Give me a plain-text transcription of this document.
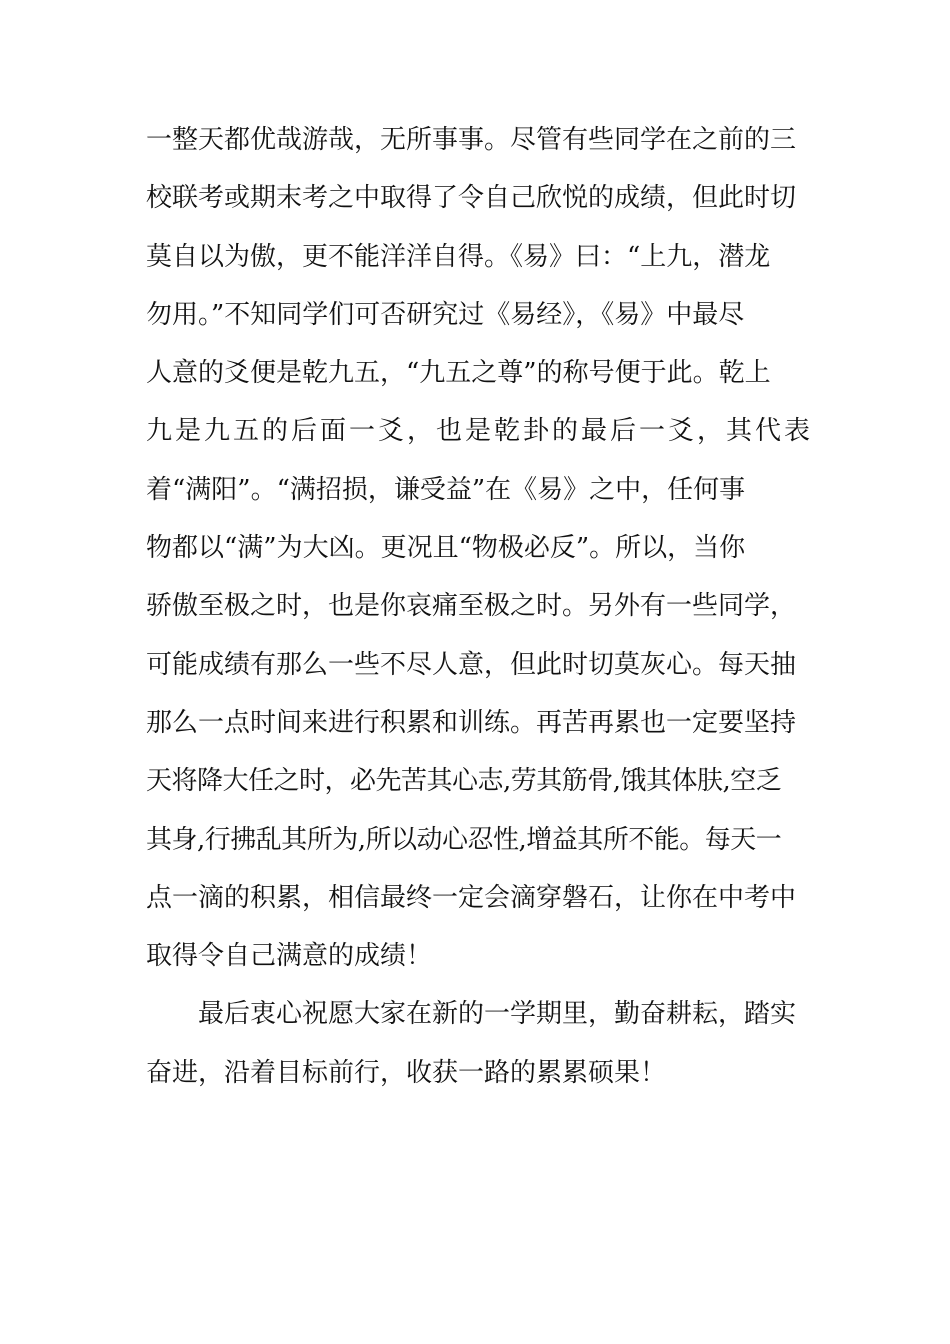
一整天都优哉游哉，无所事事。尽管有些同学在之前的三
校联考或期末考之中取得了令自己欣悦的成绩，但此时切
莫自以为傲，更不能洋洋自得。《易》曰：“上九，潜龙
勿用。”不知同学们可否研究过《易经》，《易》中最尽
人意的爻便是乾九五，“九五之尊”的称号便于此。乾上
九是九五的后面一爻，也是乾卦的最后一爻，其代表
着“满阳”。“满招损，谦受益”在《易》之中，任何事
物都以“满”为大凶。更况且“物极必反”。所以，当你
骄傲至极之时，也是你哀痛至极之时。另外有一些同学，
可能成绩有那么一些不尽人意，但此时切莫灰心。每天抽
那么一点时间来进行积累和训练。再苦再累也一定要坚持
天将降大任之时，必先苦其心志,劳其筋骨,饿其体肤,空乏
其身,行拂乱其所为,所以动心忍性,增益其所不能。每天一
点一滴的积累，相信最终一定会滴穿磐石，让你在中考中
取得令自己满意的成绩！
最后衷心祝愿大家在新的一学期里，勤奋耕耘，踏实
奋进，沿着目标前行，收获一路的累累硕果！
